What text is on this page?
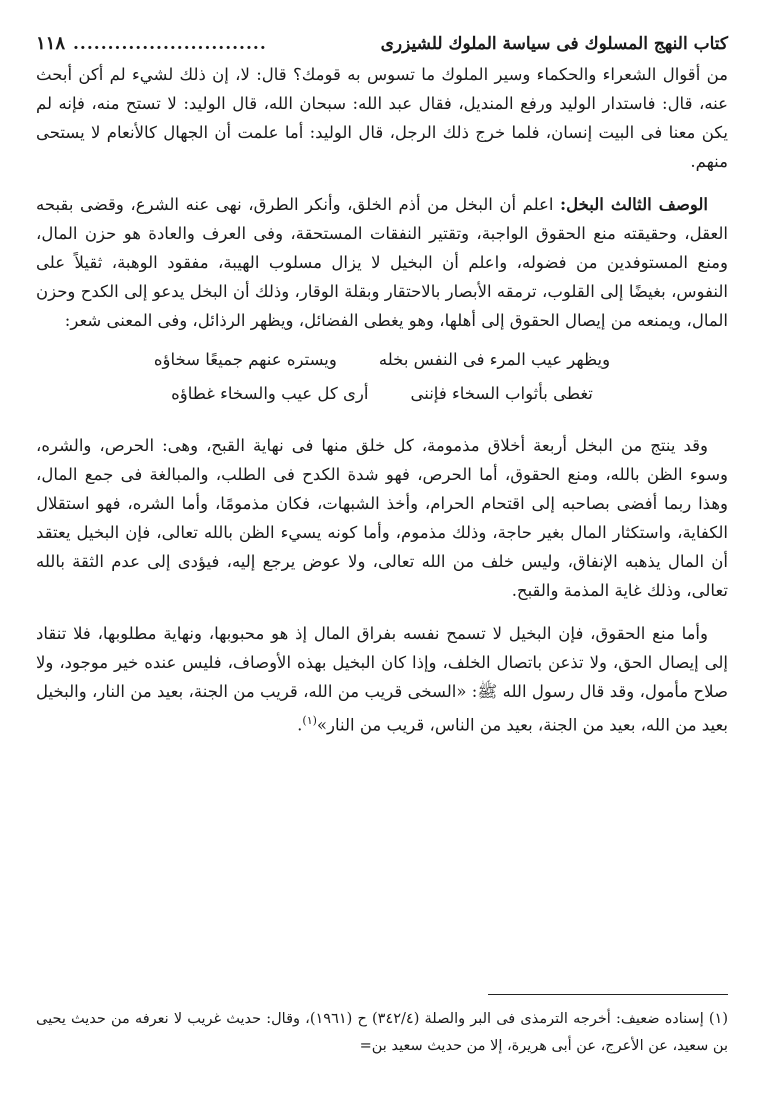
كتاب النهج المسلوك فى سياسة الملوك للشيزرى
............................
١١٨

من أقوال الشعراء والحكماء وسير الملوك ما تسوس به قومك؟ قال: لا، إن ذلك لشيء لم أكن أبحث عنه، قال: فاستدار الوليد ورفع المنديل، فقال عبد الله: سبحان الله، قال الوليد: لا تستح منه، فإنه لم يكن معنا فى البيت إنسان، فلما خرج ذلك الرجل، قال الوليد: أما علمت أن الجهال كالأنعام لا يستحى منهم.

الوصف الثالث البخل: اعلم أن البخل من أذم الخلق، وأنكر الطرق، نهى عنه الشرع، وقضى بقبحه العقل، وحقيقته منع الحقوق الواجبة، وتقتير النفقات المستحقة، وفى العرف والعادة هو حزن المال، ومنع المستوفدين من فضوله، واعلم أن البخيل لا يزال مسلوب الهيبة، مفقود الوهبة، ثقيلاً على النفوس، بغيضًا إلى القلوب، ترمقه الأبصار بالاحتقار وبقلة الوقار، وذلك أن البخل يدعو إلى الكدح وحزن المال، ويمنعه من إيصال الحقوق إلى أهلها، وهو يغطى الفضائل، ويظهر الرذائل، وفى المعنى شعر:

ويظهر عيب المرء فى النفس بخله
ويستره عنهم جميعًا سخاؤه
تغطى بأثواب السخاء فإننى
أرى كل عيب والسخاء غطاؤه

وقد ينتج من البخل أربعة أخلاق مذمومة، كل خلق منها فى نهاية القبح، وهى: الحرص، والشره، وسوء الظن بالله، ومنع الحقوق، أما الحرص، فهو شدة الكدح فى الطلب، والمبالغة فى جمع المال، وهذا ربما أفضى بصاحبه إلى اقتحام الحرام، وأخذ الشبهات، فكان مذمومًا، وأما الشره، فهو استقلال الكفاية، واستكثار المال بغير حاجة، وذلك مذموم، وأما كونه يسيء الظن بالله تعالى، فإن البخيل يعتقد أن المال يذهبه الإنفاق، وليس خلف من الله تعالى، ولا عوض يرجع إليه، فيؤدى إلى عدم الثقة بالله تعالى، وذلك غاية المذمة والقبح.

وأما منع الحقوق، فإن البخيل لا تسمح نفسه بفراق المال إذ هو محبوبها، ونهاية مطلوبها، فلا تنقاد إلى إيصال الحق، ولا تذعن باتصال الخلف، وإذا كان البخيل بهذه الأوصاف، فليس عنده خير موجود، ولا صلاح مأمول، وقد قال رسول الله ﷺ: «السخى قريب من الله، قريب من الجنة، بعيد من النار، والبخيل بعيد من الله، بعيد من الجنة، بعيد من الناس، قريب من النار»$^{(١)}$.

(١) إسناده ضعيف: أخرجه الترمذى فى البر والصلة (٣٤٢/٤) ح (١٩٦١)، وقال: حديث غريب لا نعرفه من حديث يحيى بن سعيد، عن الأعرج، عن أبى هريرة، إلا من حديث سعيد بن=
